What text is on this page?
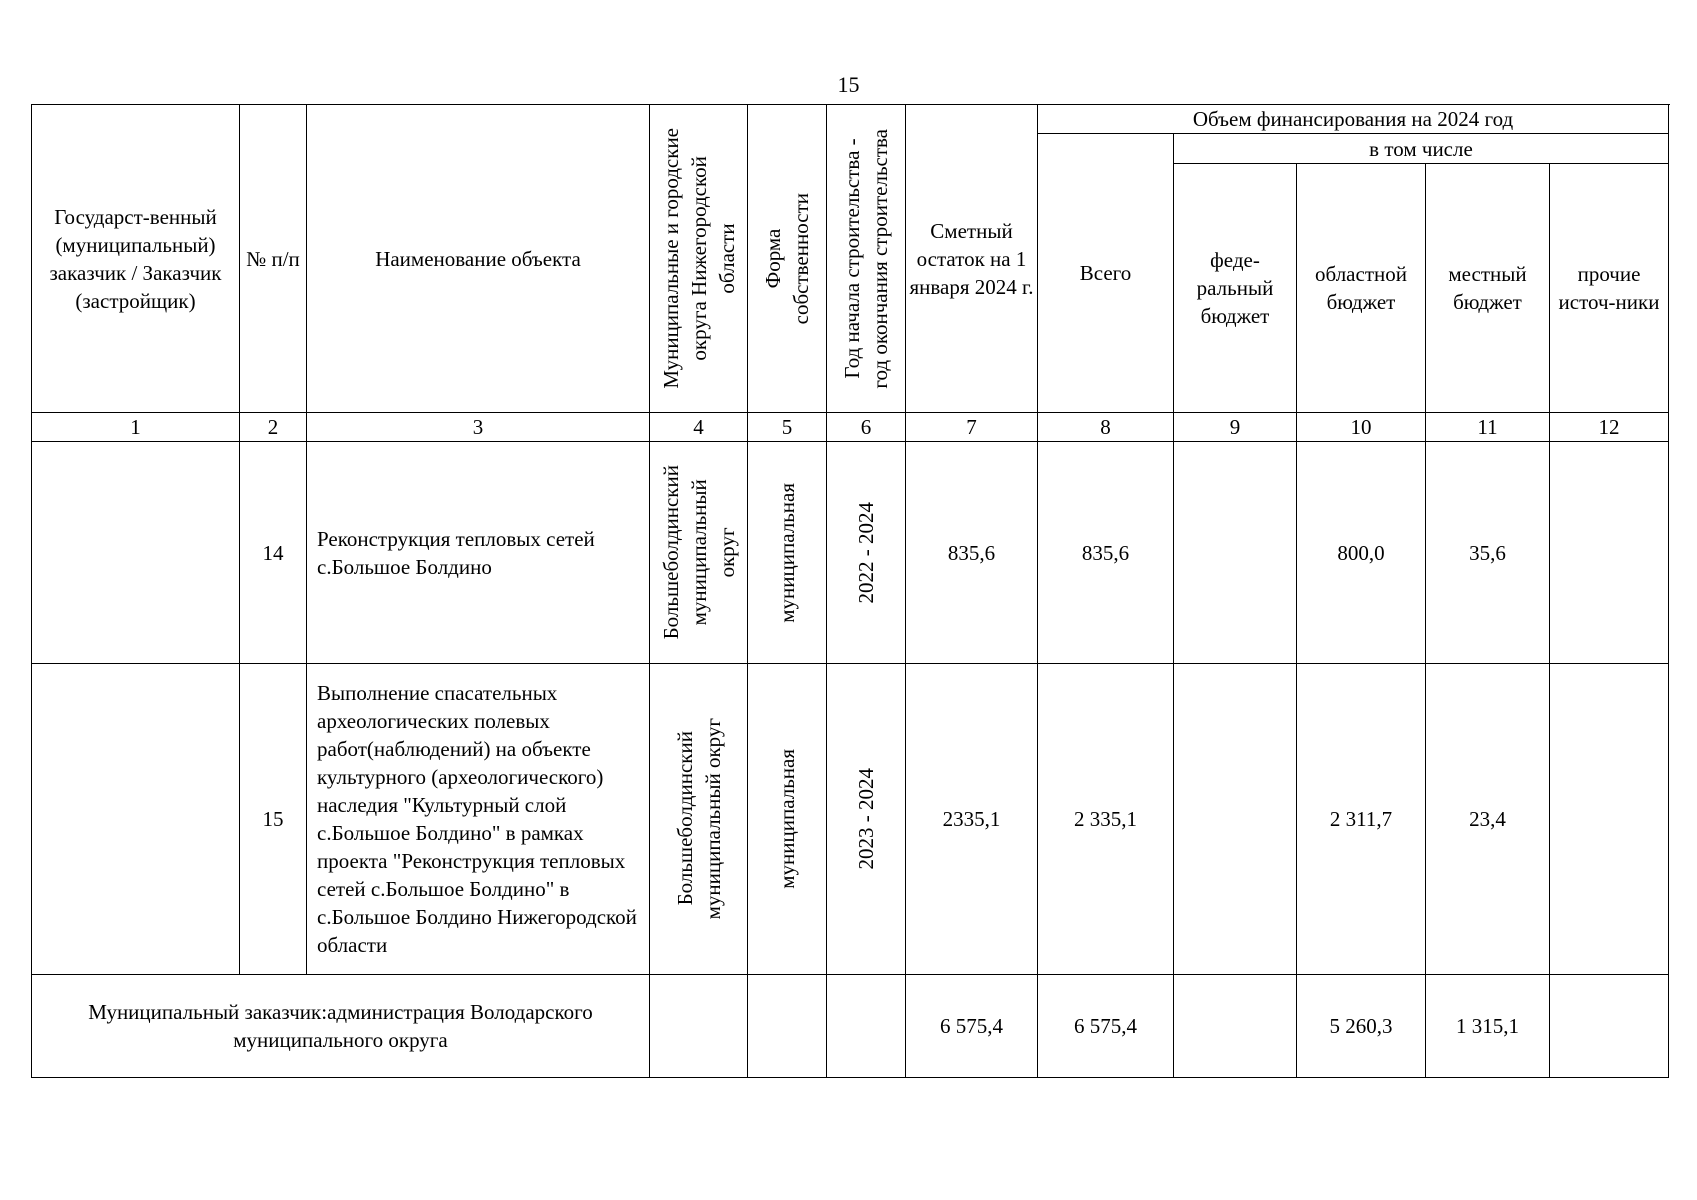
15
Государст-венный (муниципальный) заказчик / Заказчик (застройщик)	№ п/п	Наименование объекта	Муниципальные и городские округа Нижегородской области	Форма собственности	Год начала строительства - год окончания строительства	Сметный остаток на 1 января 2024 г.	Объем финансирования на 2024 год				
							Всего	в том числе			
								феде-ральный бюджет	областной бюджет	местный бюджет	прочие источ-ники
1	2	3	4	5	6	7	8	9	10	11	12
	14	Реконструкция тепловых сетей с.Большое Болдино	Большеболдинский муниципальный округ	муниципальная	2022 - 2024	835,6	835,6		800,0	35,6	
	15	Выполнение спасательных археологических полевых работ(наблюдений) на объекте культурного (археологического) наследия "Культурный слой с.Большое Болдино" в рамках проекта "Реконструкция тепловых сетей с.Большое Болдино" в с.Большое Болдино Нижегородской области	Большеболдинский муниципальный округ	муниципальная	2023 - 2024	2335,1	2 335,1		2 311,7	23,4	
Муниципальный заказчик:администрация Володарского муниципального округа						6 575,4	6 575,4		5 260,3	1 315,1	
